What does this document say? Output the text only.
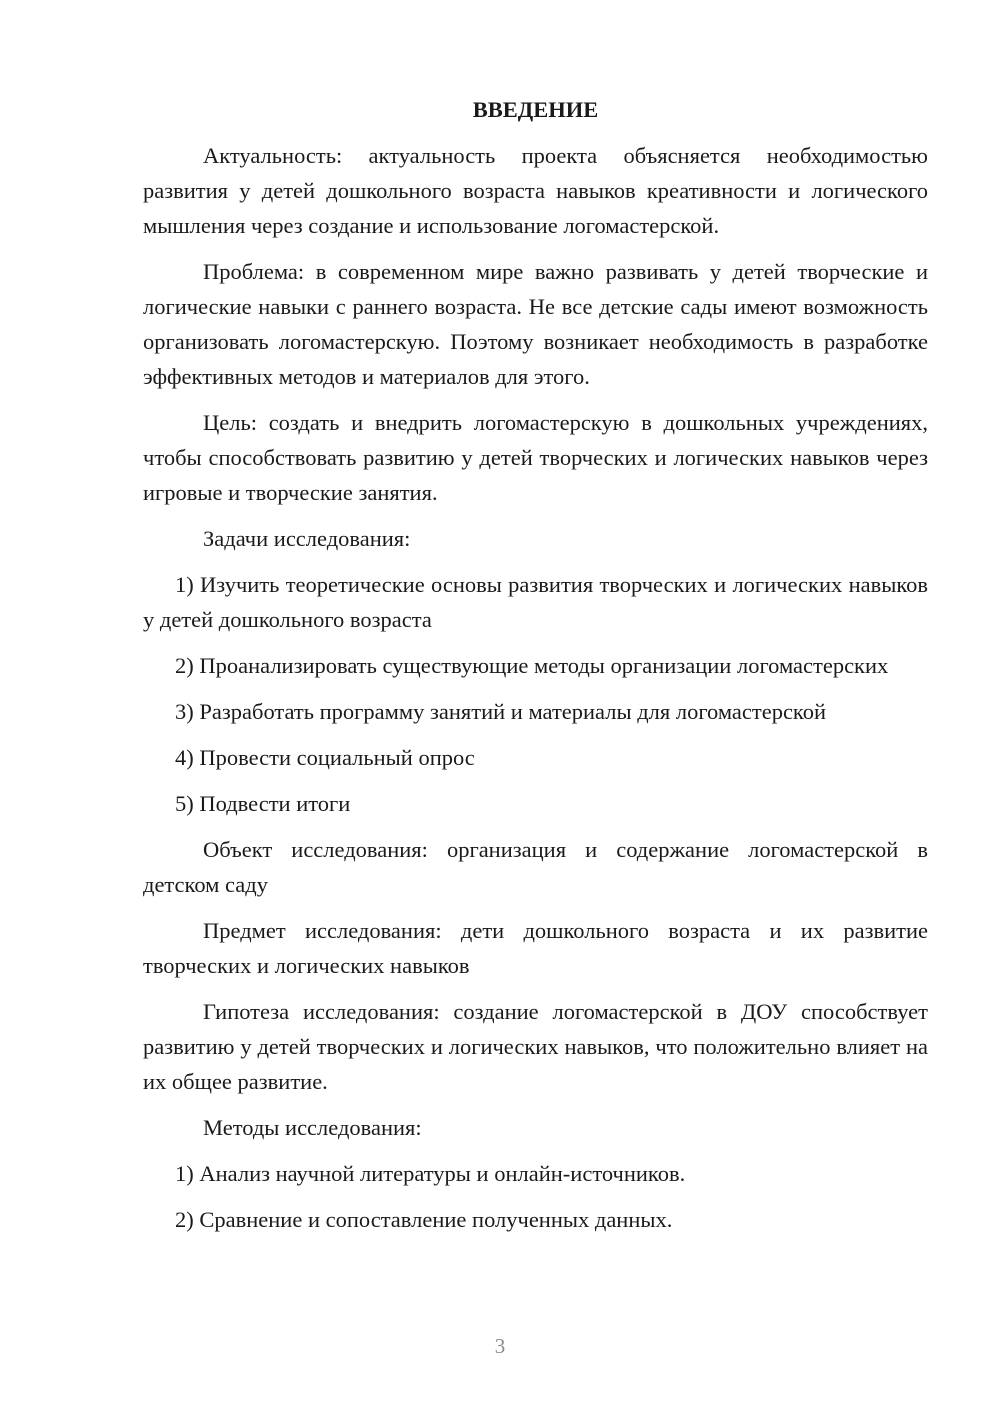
ВВЕДЕНИЕ

Актуальность: актуальность проекта объясняется необходимостью развития у детей дошкольного возраста навыков креативности и логического мышления через создание и использование логомастерской.

Проблема: в современном мире важно развивать у детей творческие и логические навыки с раннего возраста. Не все детские сады имеют возможность организовать логомастерскую. Поэтому возникает необходимость в разработке эффективных методов и материалов для этого.

Цель: создать и внедрить логомастерскую в дошкольных учреждениях, чтобы способствовать развитию у детей творческих и логических навыков через игровые и творческие занятия.

Задачи исследования:

1) Изучить теоретические основы развития творческих и логических навыков у детей дошкольного возраста

2) Проанализировать существующие методы организации логомастерских

3) Разработать программу занятий и материалы для логомастерской

4) Провести социальный опрос

5) Подвести итоги

Объект исследования: организация и содержание логомастерской в детском саду

Предмет исследования: дети дошкольного возраста и их развитие творческих и логических навыков

Гипотеза исследования: создание логомастерской в ДОУ способствует развитию у детей творческих и логических навыков, что положительно влияет на их общее развитие.

Методы исследования:

1) Анализ научной литературы и онлайн-источников.

2) Сравнение и сопоставление полученных данных.

3
